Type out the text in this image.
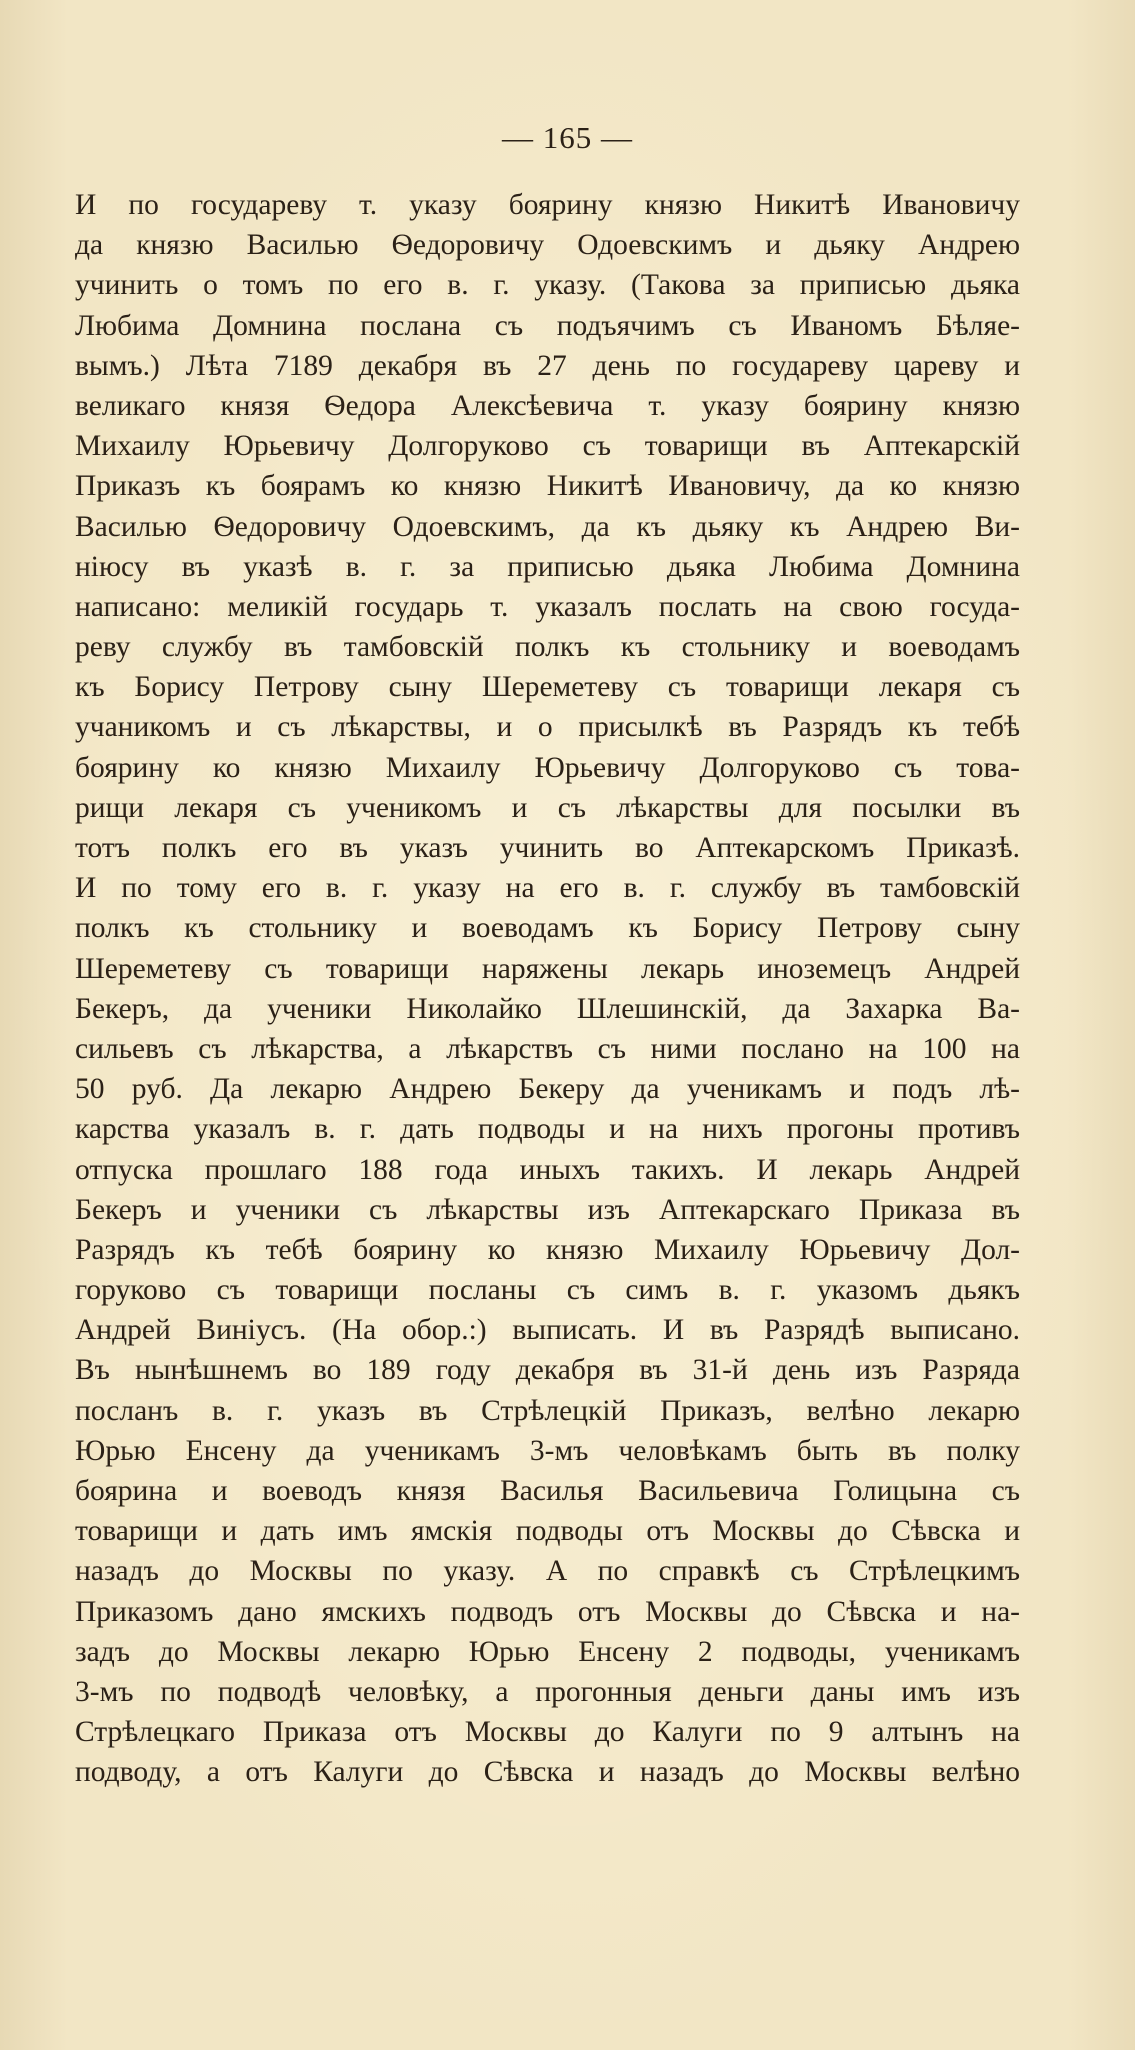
— 165 —
И по государеву т. указу боярину князю Никитѣ Ивановичу
да князю Василью Ѳедоровичу Одоевскимъ и дьяку Андрею
учинить о томъ по его в. г. указу. (Такова за приписью дьяка
Любима Домнина послана съ подъячимъ съ Иваномъ Бѣляе-
вымъ.) Лѣта 7189 декабря въ 27 день по государеву цареву и
великаго князя Ѳедора Алексѣевича т. указу боярину князю
Михаилу Юрьевичу Долгоруково съ товарищи въ Аптекарскій
Приказъ къ боярамъ ко князю Никитѣ Ивановичу, да ко князю
Василью Ѳедоровичу Одоевскимъ, да къ дьяку къ Андрею Ви-
ніюсу въ указѣ в. г. за приписью дьяка Любима Домнина
написано: меликій государь т. указалъ послать на свою госуда-
реву службу въ тамбовскій полкъ къ стольнику и воеводамъ
къ Борису Петрову сыну Шереметеву съ товарищи лекаря съ
учаникомъ и съ лѣкарствы, и о присылкѣ въ Разрядъ къ тебѣ
боярину ко князю Михаилу Юрьевичу Долгоруково съ това-
рищи лекаря съ ученикомъ и съ лѣкарствы для посылки въ
тотъ полкъ его въ указъ учинить во Аптекарскомъ Приказѣ.
И по тому его в. г. указу на его в. г. службу въ тамбовскій
полкъ къ стольнику и воеводамъ къ Борису Петрову сыну
Шереметеву съ товарищи наряжены лекарь иноземецъ Андрей
Бекеръ, да ученики Николайко Шлешинскій, да Захарка Ва-
сильевъ съ лѣкарства, а лѣкарствъ съ ними послано на 100 на
50 руб. Да лекарю Андрею Бекеру да ученикамъ и подъ лѣ-
карства указалъ в. г. дать подводы и на нихъ прогоны противъ
отпуска прошлаго 188 года иныхъ такихъ. И лекарь Андрей
Бекеръ и ученики съ лѣкарствы изъ Аптекарскаго Приказа въ
Разрядъ къ тебѣ боярину ко князю Михаилу Юрьевичу Дол-
горуково съ товарищи посланы съ симъ в. г. указомъ дьякъ
Андрей Виніусъ. (На обор.:) выписать. И въ Разрядѣ выписано.
Въ нынѣшнемъ во 189 году декабря въ 31-й день изъ Разряда
посланъ в. г. указъ въ Стрѣлецкій Приказъ, велѣно лекарю
Юрью Енсену да ученикамъ 3-мъ человѣкамъ быть въ полку
боярина и воеводъ князя Василья Васильевича Голицына съ
товарищи и дать имъ ямскія подводы отъ Москвы до Сѣвска и
назадъ до Москвы по указу. А по справкѣ съ Стрѣлецкимъ
Приказомъ дано ямскихъ подводъ отъ Москвы до Сѣвска и на-
задъ до Москвы лекарю Юрью Енсену 2 подводы, ученикамъ
3-мъ по подводѣ человѣку, а прогонныя деньги даны имъ изъ
Стрѣлецкаго Приказа отъ Москвы до Калуги по 9 алтынъ на
подводу, а отъ Калуги до Сѣвска и назадъ до Москвы велѣно
